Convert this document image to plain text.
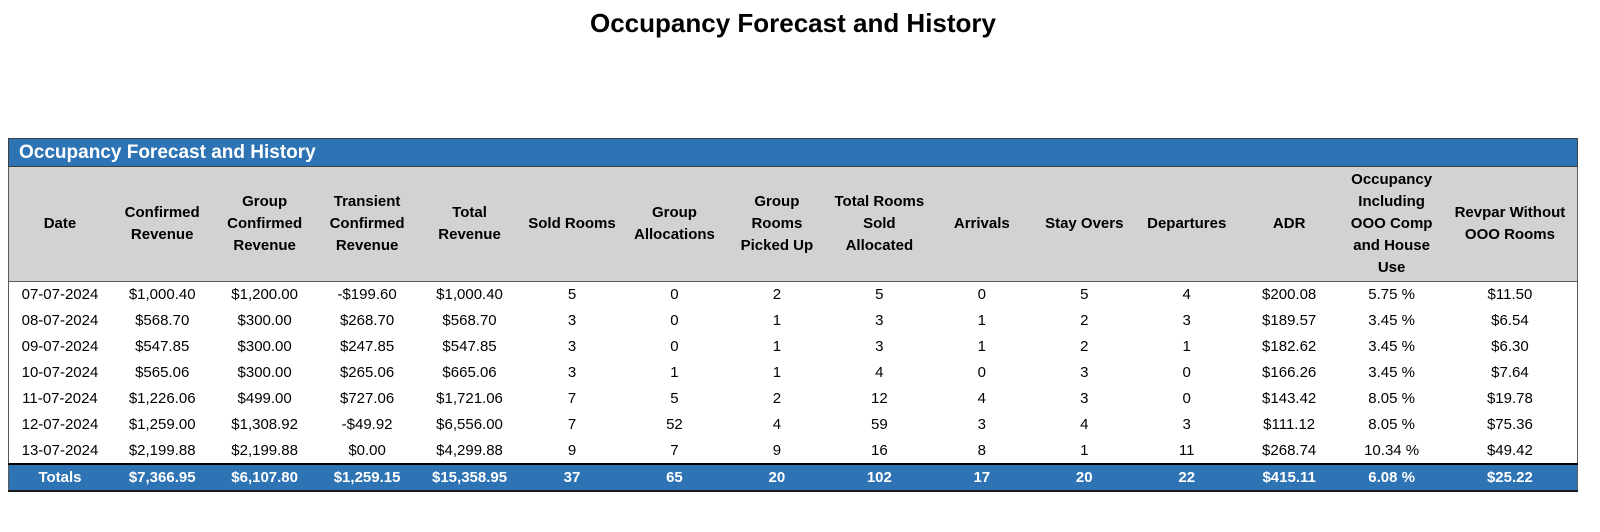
Occupancy Forecast and History
Occupancy Forecast and History
Date	Confirmed Revenue	Group Confirmed Revenue	Transient Confirmed Revenue	Total Revenue	Sold Rooms	Group Allocations	Group Rooms Picked Up	Total Rooms Sold Allocated	Arrivals	Stay Overs	Departures	ADR	Occupancy Including OOO Comp and House Use	Revpar Without OOO Rooms
07-07-2024	$1,000.40	$1,200.00	-$199.60	$1,000.40	5	0	2	5	0	5	4	$200.08	5.75 %	$11.50
08-07-2024	$568.70	$300.00	$268.70	$568.70	3	0	1	3	1	2	3	$189.57	3.45 %	$6.54
09-07-2024	$547.85	$300.00	$247.85	$547.85	3	0	1	3	1	2	1	$182.62	3.45 %	$6.30
10-07-2024	$565.06	$300.00	$265.06	$665.06	3	1	1	4	0	3	0	$166.26	3.45 %	$7.64
11-07-2024	$1,226.06	$499.00	$727.06	$1,721.06	7	5	2	12	4	3	0	$143.42	8.05 %	$19.78
12-07-2024	$1,259.00	$1,308.92	-$49.92	$6,556.00	7	52	4	59	3	4	3	$111.12	8.05 %	$75.36
13-07-2024	$2,199.88	$2,199.88	$0.00	$4,299.88	9	7	9	16	8	1	11	$268.74	10.34 %	$49.42
Totals	$7,366.95	$6,107.80	$1,259.15	$15,358.95	37	65	20	102	17	20	22	$415.11	6.08 %	$25.22
